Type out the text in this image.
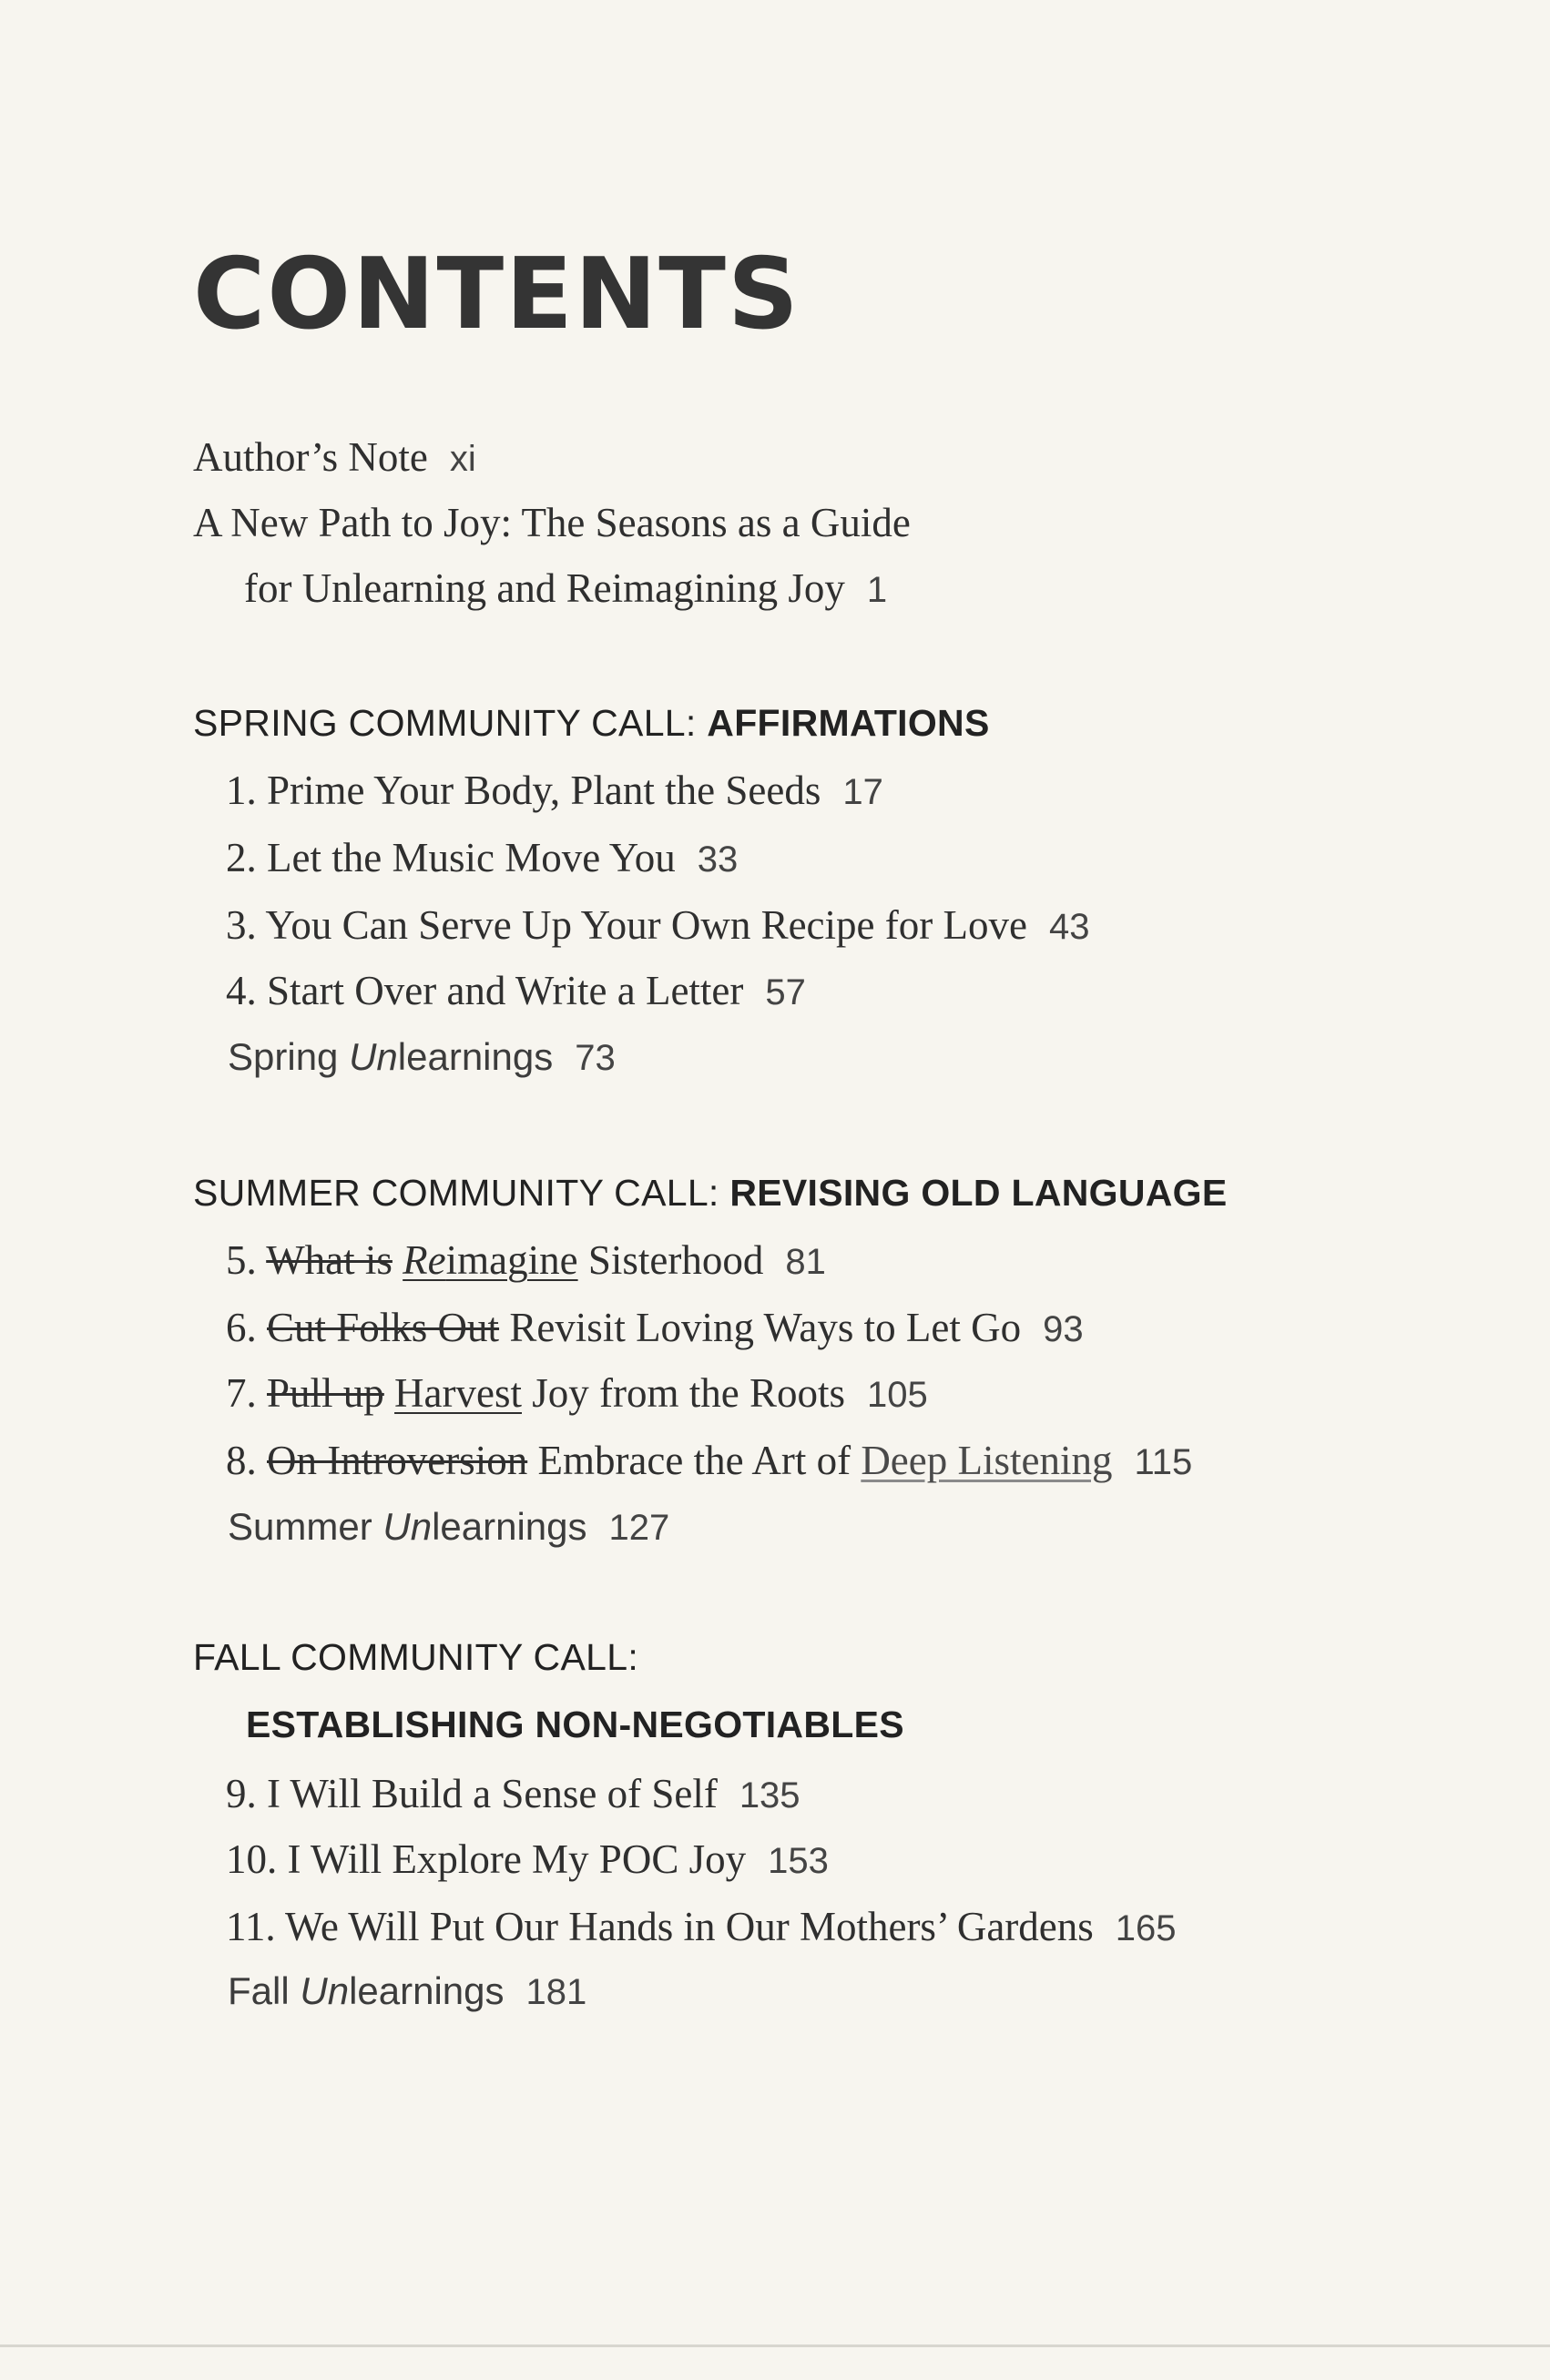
CONTENTS
Author’s Note xi
A New Path to Joy: The Seasons as a Guide
for Unlearning and Reimagining Joy 1
SPRING COMMUNITY CALL: AFFIRMATIONS
1. Prime Your Body, Plant the Seeds 17
2. Let the Music Move You 33
3. You Can Serve Up Your Own Recipe for Love 43
4. Start Over and Write a Letter 57
Spring Unlearnings 73
SUMMER COMMUNITY CALL: REVISING OLD LANGUAGE
5. What is Reimagine Sisterhood 81
6. Cut Folks Out Revisit Loving Ways to Let Go 93
7. Pull up Harvest Joy from the Roots 105
8. On Introversion Embrace the Art of Deep Listening 115
Summer Unlearnings 127
FALL COMMUNITY CALL:
ESTABLISHING NON-NEGOTIABLES
9. I Will Build a Sense of Self 135
10. I Will Explore My POC Joy 153
11. We Will Put Our Hands in Our Mothers’ Gardens 165
Fall Unlearnings 181
